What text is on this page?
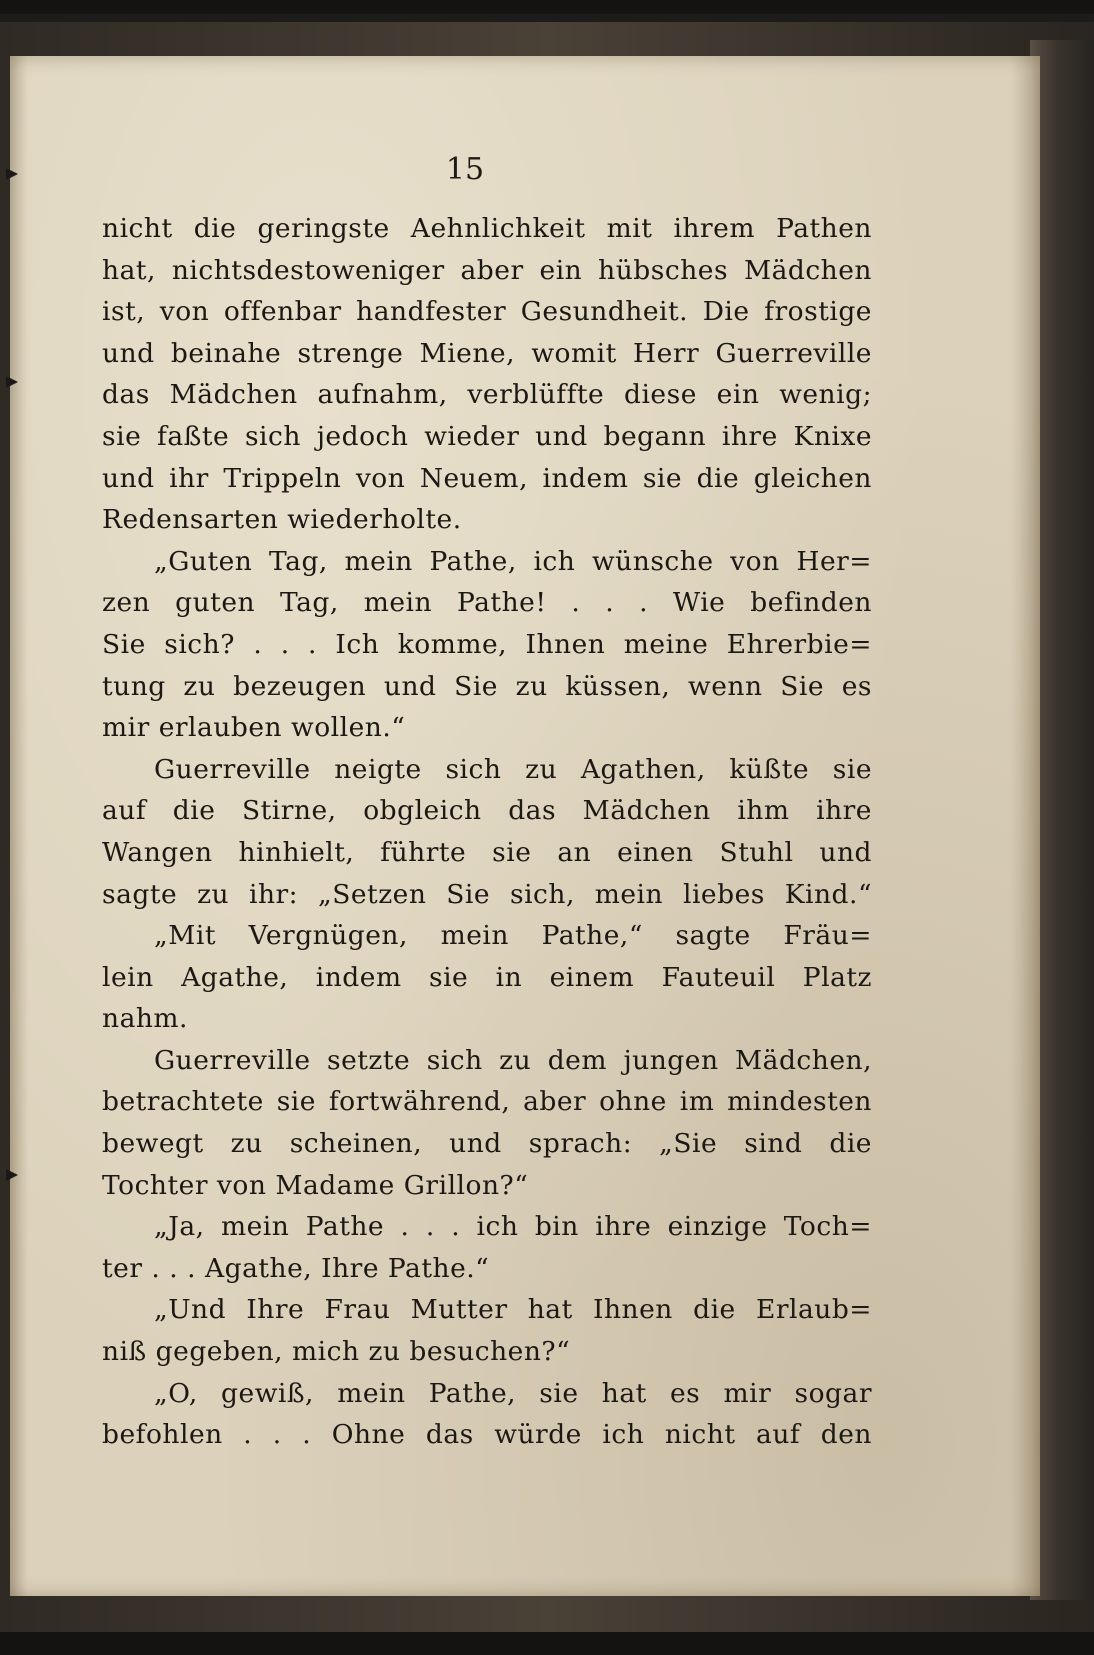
15
nicht die geringste Aehnlichkeit mit ihrem Pathen
hat, nichtsdestoweniger aber ein hübsches Mädchen
ist, von offenbar handfester Gesundheit. Die frostige
und beinahe strenge Miene, womit Herr Guerreville
das Mädchen aufnahm, verblüffte diese ein wenig;
sie faßte sich jedoch wieder und begann ihre Knixe
und ihr Trippeln von Neuem, indem sie die gleichen
Redensarten wiederholte.
„Guten Tag, mein Pathe, ich wünsche von Her=
zen guten Tag, mein Pathe! . . . Wie befinden
Sie sich? . . . Ich komme, Ihnen meine Ehrerbie=
tung zu bezeugen und Sie zu küssen, wenn Sie es
mir erlauben wollen.“
Guerreville neigte sich zu Agathen, küßte sie
auf die Stirne, obgleich das Mädchen ihm ihre
Wangen hinhielt, führte sie an einen Stuhl und
sagte zu ihr: „Setzen Sie sich, mein liebes Kind.“
„Mit Vergnügen, mein Pathe,“ sagte Fräu=
lein Agathe, indem sie in einem Fauteuil Platz
nahm.
Guerreville setzte sich zu dem jungen Mädchen,
betrachtete sie fortwährend, aber ohne im mindesten
bewegt zu scheinen, und sprach: „Sie sind die
Tochter von Madame Grillon?“
„Ja, mein Pathe . . . ich bin ihre einzige Toch=
ter . . . Agathe, Ihre Pathe.“
„Und Ihre Frau Mutter hat Ihnen die Erlaub=
niß gegeben, mich zu besuchen?“
„O, gewiß, mein Pathe, sie hat es mir sogar
befohlen . . . Ohne das würde ich nicht auf den
